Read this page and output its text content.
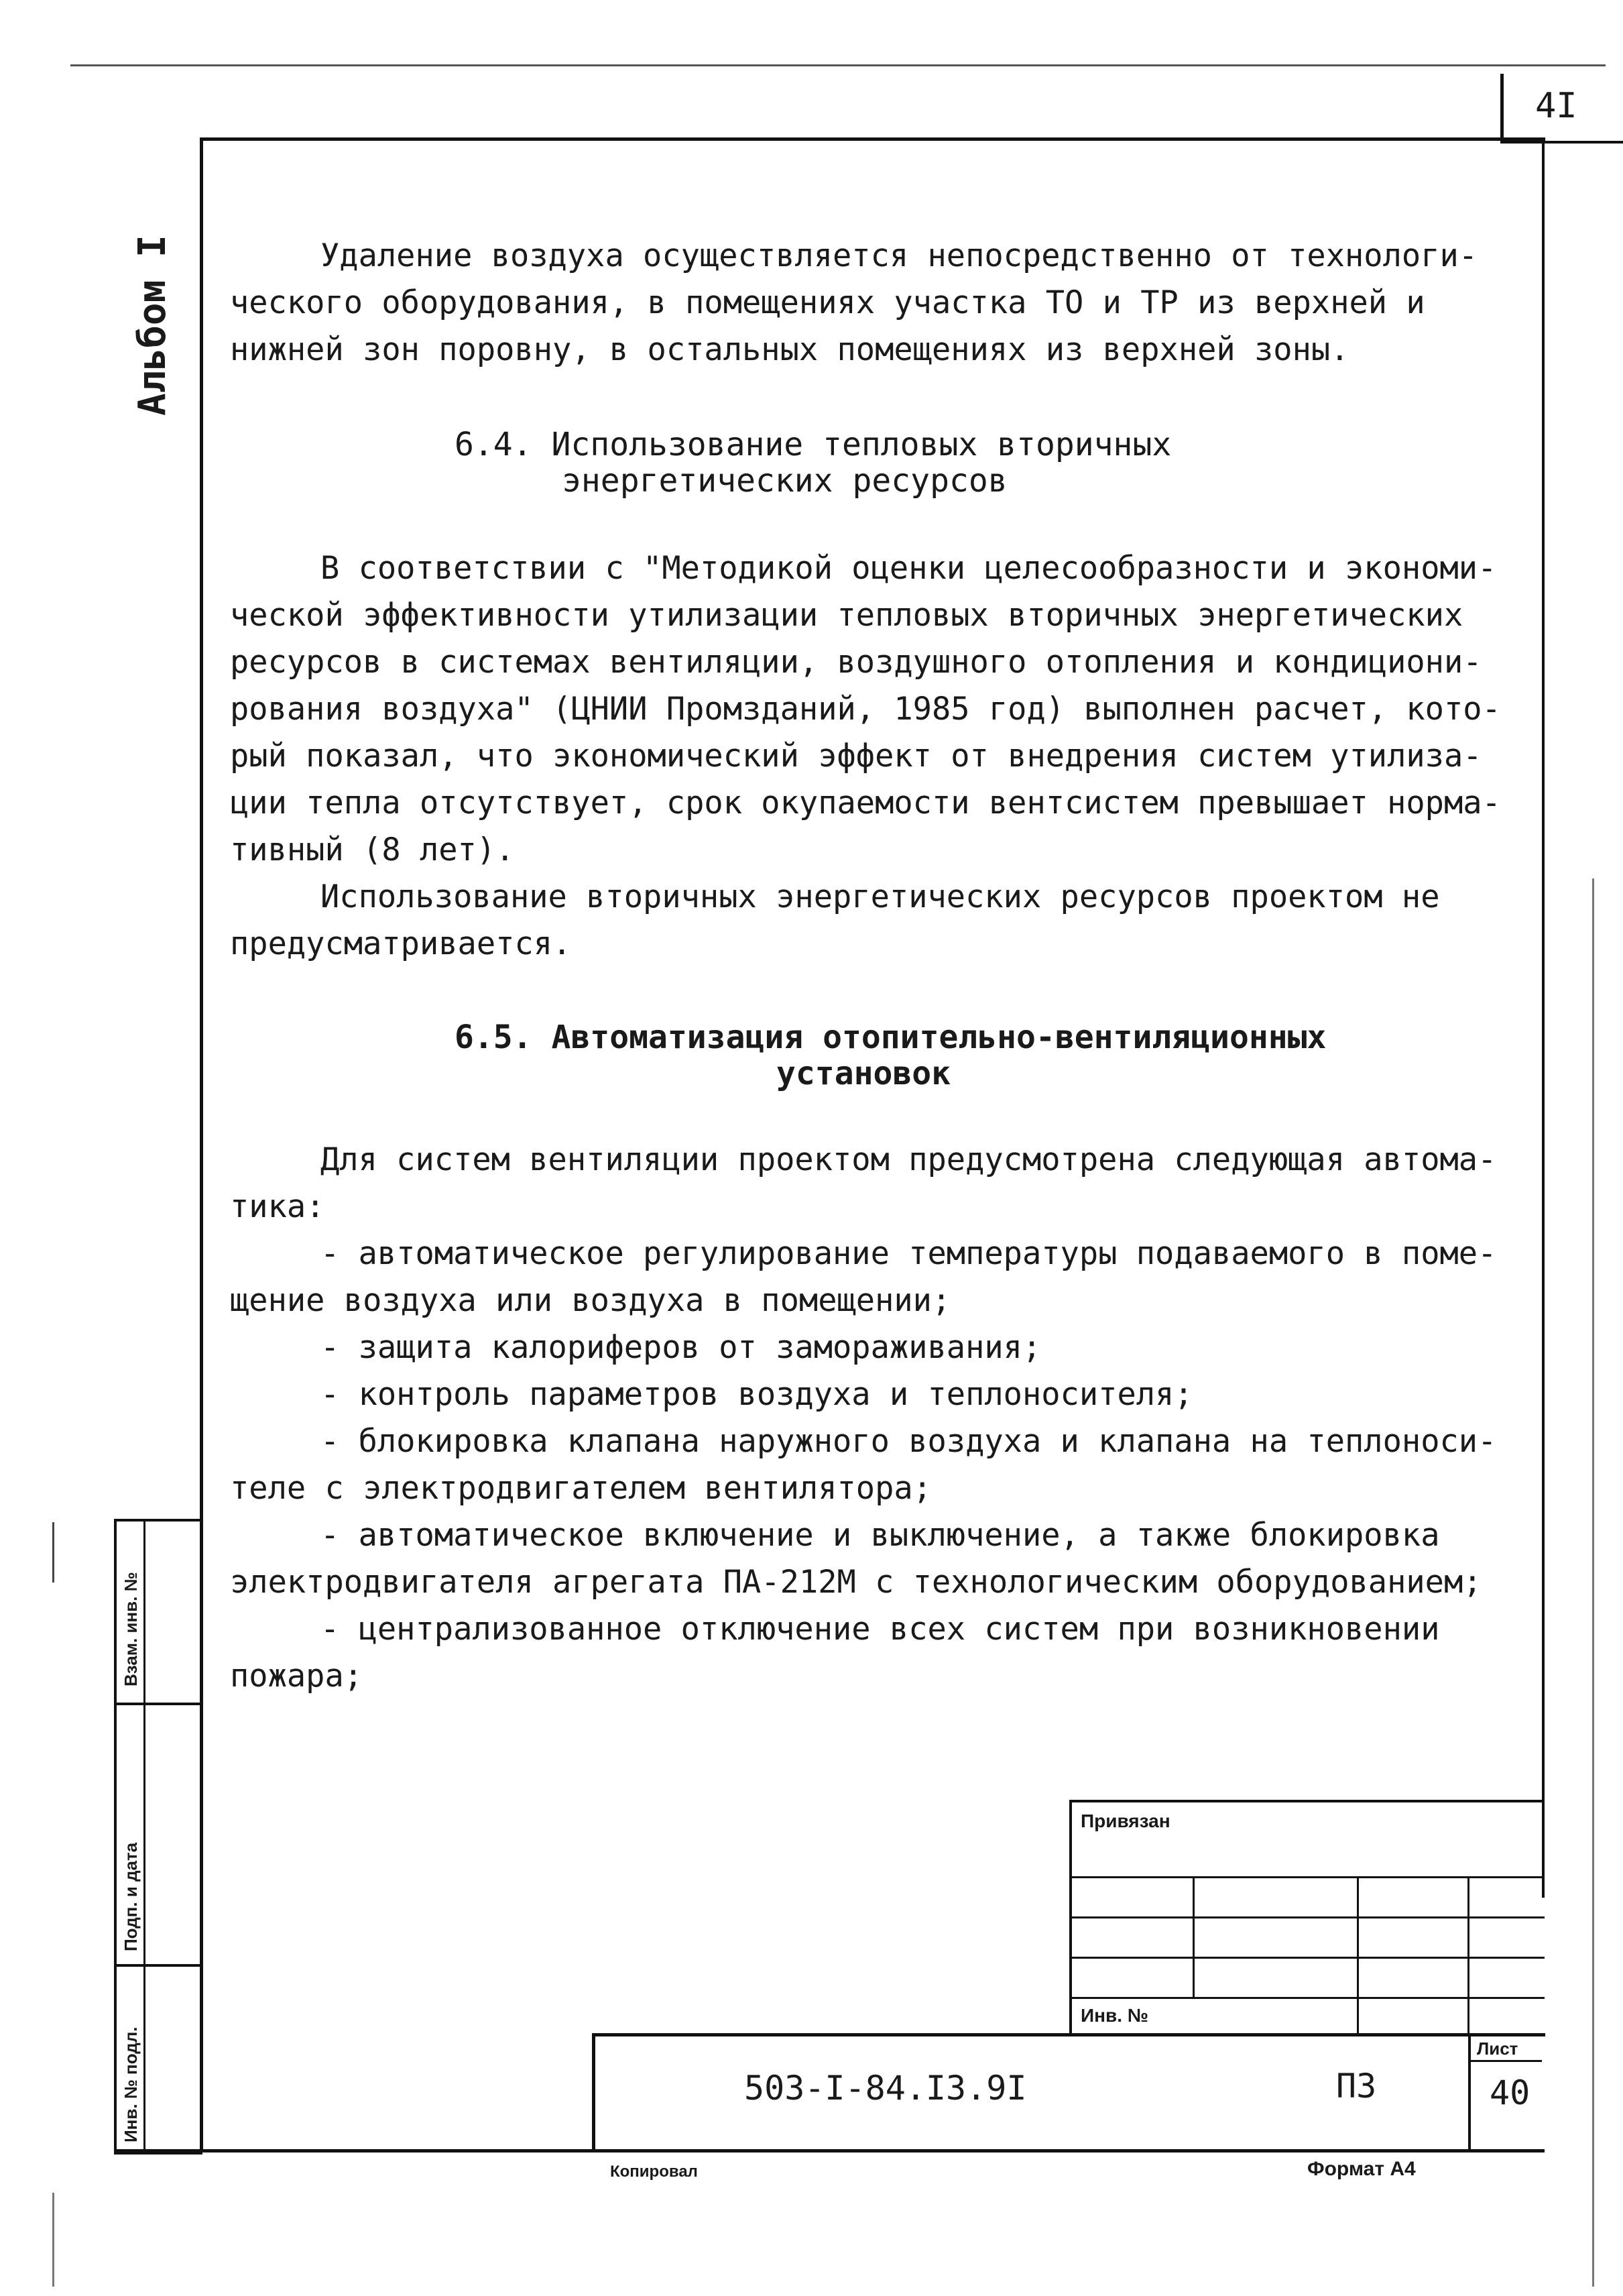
4I
Альбом I	Удаление воздуха осуществляется непосредственно от технологи-
ческого оборудования, в помещениях участка ТО и ТР из верхней и
нижней зон поровну, в остальных помещениях из верхней зоны.
6.4. Использование тепловых вторичных
энергетических ресурсов
В соответствии с "Методикой оценки целесообразности и экономи-
ческой эффективности утилизации тепловых вторичных энергетических
ресурсов в системах вентиляции, воздушного отопления и кондициони-
рования воздуха" (ЦНИИ Промзданий, 1985 год) выполнен расчет, кото-
рый показал, что экономический эффект от внедрения систем утилиза-
ции тепла отсутствует, срок окупаемости вентсистем превышает норма-
тивный (8 лет).
Использование вторичных энергетических ресурсов проектом не
предусматривается.
6.5. Автоматизация отопительно-вентиляционных
установок
Для систем вентиляции проектом предусмотрена следующая автома-
тика:
- автоматическое регулирование температуры подаваемого в поме-
щение воздуха или воздуха в помещении;
- защита калориферов от замораживания;
- контроль параметров воздуха и теплоносителя;
- блокировка клапана наружного воздуха и клапана на теплоноси-
теле с электродвигателем вентилятора;
- автоматическое включение и выключение, а также блокировка
электродвигателя агрегата ПА-212М с технологическим оборудованием;
- централизованное отключение всех систем при возникновении
пожара;
Взам. инв. №
Подп. и дата
Инв. № подл.
Привязан
Инв. №
503-I-84.I3.9I	ПЗ
Лист
40
Копировал	Формат А4
